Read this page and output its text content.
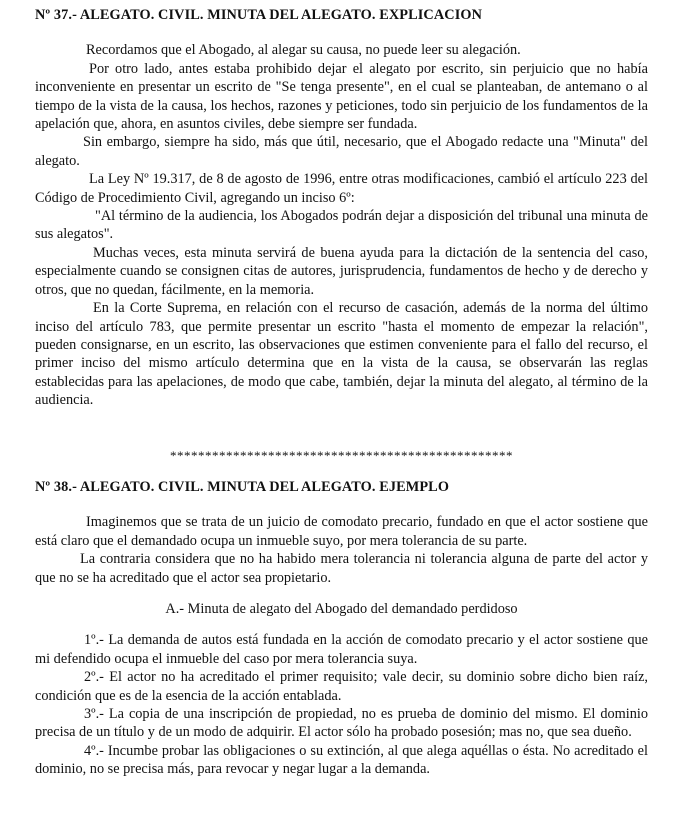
Nº 37.- ALEGATO. CIVIL. MINUTA DEL ALEGATO. EXPLICACION

Recordamos que el Abogado, al alegar su causa, no puede leer su alegación.

Por otro lado, antes estaba prohibido dejar el alegato por escrito, sin perjuicio que no había inconveniente en presentar un escrito de "Se tenga presente", en el cual se planteaban, de antemano o al tiempo de la vista de la causa, los hechos, razones y peticiones, todo sin perjuicio de los fundamentos de la apelación que, ahora, en asuntos civiles, debe siempre ser fundada.

Sin embargo, siempre ha sido, más que útil, necesario, que el Abogado redacte una "Minuta" del alegato.

La Ley Nº 19.317, de 8 de agosto de 1996, entre otras modificaciones, cambió el artículo 223 del Código de Procedimiento Civil, agregando un inciso 6º:

"Al término de la audiencia, los Abogados podrán dejar a disposición del tribunal una minuta de sus alegatos".

Muchas veces, esta minuta servirá de buena ayuda para la dictación de la sentencia del caso, especialmente cuando se consignen citas de autores, jurisprudencia, fundamentos de hecho y de derecho y otros, que no quedan, fácilmente, en la memoria.

En la Corte Suprema, en relación con el recurso de casación, además de la norma del último inciso del artículo 783, que permite presentar un escrito "hasta el momento de empezar la relación", pueden consignarse, en un escrito, las observaciones que estimen conveniente para el fallo del recurso, el primer inciso del mismo artículo determina que en la vista de la causa, se observarán las reglas establecidas para las apelaciones, de modo que cabe, también, dejar la minuta del alegato, al término de la audiencia.

*************************************************

Nº 38.- ALEGATO. CIVIL. MINUTA DEL ALEGATO. EJEMPLO

Imaginemos que se trata de un juicio de comodato precario, fundado en que el actor sostiene que está claro que el demandado ocupa un inmueble suyo, por mera tolerancia de su parte.

La contraria considera que no ha habido mera tolerancia ni tolerancia alguna de parte del actor y que no se ha acreditado que el actor sea propietario.

A.- Minuta de alegato del Abogado del demandado perdidoso

1º.- La demanda de autos está fundada en la acción de comodato precario y el actor sostiene que mi defendido ocupa el inmueble del caso por mera tolerancia suya.

2º.- El actor no ha acreditado el primer requisito; vale decir, su dominio sobre dicho bien raíz, condición que es de la esencia de la acción entablada.

3º.- La copia de una inscripción de propiedad, no es prueba de dominio del mismo. El dominio precisa de un título y de un modo de adquirir. El actor sólo ha probado posesión; mas no, que sea dueño.

4º.- Incumbe probar las obligaciones o su extinción, al que alega aquéllas o ésta. No acreditado el dominio, no se precisa más, para revocar y negar lugar a la demanda.
